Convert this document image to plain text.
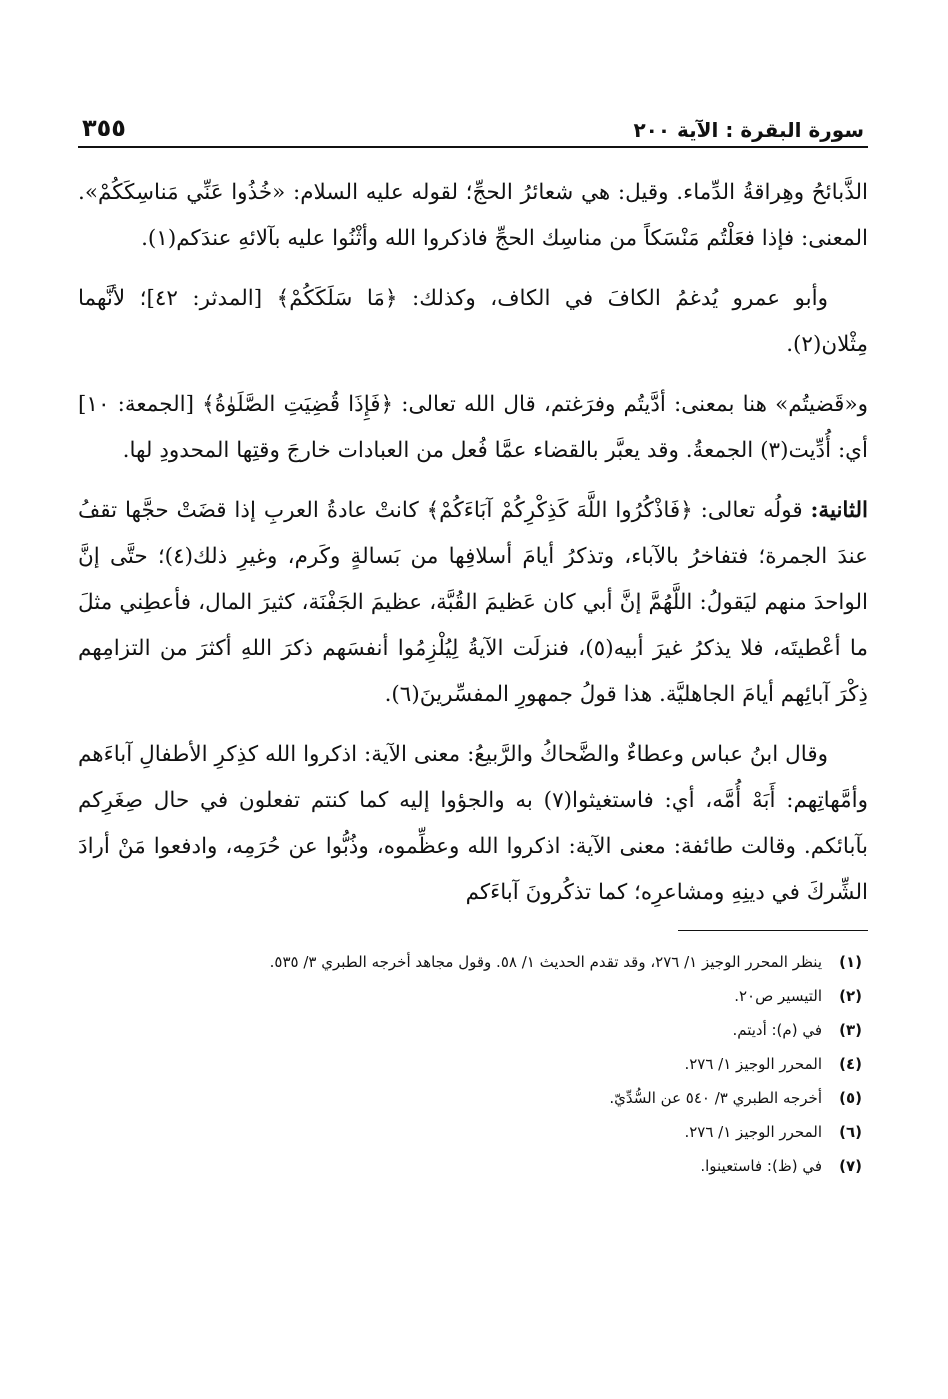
سورة البقرة : الآية ٢٠٠
٣٥٥

الذَّبائحُ وهِراقةُ الدِّماء. وقيل: هي شعائرُ الحجِّ؛ لقوله عليه السلام: «خُذُوا عَنِّي مَناسِكَكُمْ». المعنى: فإذا فعَلْتُم مَنْسَكاً من مناسِك الحجِّ فاذكروا الله وأثْنُوا عليه بآلائهِ عندَكم(١).

وأبو عمرو يُدغمُ الكافَ في الكاف، وكذلك: ﴿مَا سَلَكَكُمْ﴾ [المدثر: ٤٢]؛ لأنَّهما مِثْلان(٢).

و«قَضيتُم» هنا بمعنى: أدَّيتُم وفرَغتم، قال الله تعالى: ﴿فَإِذَا قُضِيَتِ الصَّلَوٰةُ﴾ [الجمعة: ١٠] أي: أُدِّيت(٣) الجمعةُ. وقد يعبَّر بالقضاء عمَّا فُعل من العبادات خارجَ وقتِها المحدودِ لها.

الثانية: قولُه تعالى: ﴿فَاذْكُرُوا اللَّهَ كَذِكْرِكُمْ آبَاءَكُمْ﴾ كانتْ عادةُ العربِ إذا قضَتْ حجَّها تقفُ عندَ الجمرة؛ فتفاخرُ بالآباء، وتذكرُ أيامَ أسلافِها من بَسالةٍ وكَرم، وغيرِ ذلك(٤)؛ حتَّى إنَّ الواحدَ منهم ليَقولُ: اللَّهُمَّ إنَّ أبي كان عَظيمَ القُبَّة، عظيمَ الجَفْنَة، كثيرَ المال، فأعطِني مثلَ ما أعْطيتَه، فلا يذكرُ غيرَ أبيه(٥)، فنزلَت الآيةُ لِيُلْزِمُوا أنفسَهم ذكرَ اللهِ أكثرَ من التزامِهم ذِكْرَ آبائِهم أيامَ الجاهليَّة. هذا قولُ جمهورِ المفسِّرينَ(٦).

وقال ابنُ عباس وعطاءٌ والضَّحاكُ والرَّبيعُ: معنى الآية: اذكروا الله كذِكرِ الأطفالِ آباءَهم وأمَّهاتِهم: أَبَهْ أُمَّه، أي: فاستغيثوا(٧) به والجؤوا إليه كما كنتم تفعلون في حال صِغَرِكم بآبائكم. وقالت طائفة: معنى الآية: اذكروا الله وعظِّموه، وذُبُّوا عن حُرَمِه، وادفعوا مَنْ أرادَ الشِّركَ في دينِهِ ومشاعرِه؛ كما تذكُرونَ آباءَكم

(١)
ينظر المحرر الوجيز ١/ ٢٧٦، وقد تقدم الحديث ١/ ٥٨. وقول مجاهد أخرجه الطبري ٣/ ٥٣٥.
(٢)
التيسير ص٢٠.
(٣)
في (م): أديتم.
(٤)
المحرر الوجيز ١/ ٢٧٦.
(٥)
أخرجه الطبري ٣/ ٥٤٠ عن السُّدِّيّ.
(٦)
المحرر الوجيز ١/ ٢٧٦.
(٧)
في (ظ): فاستعينوا.
